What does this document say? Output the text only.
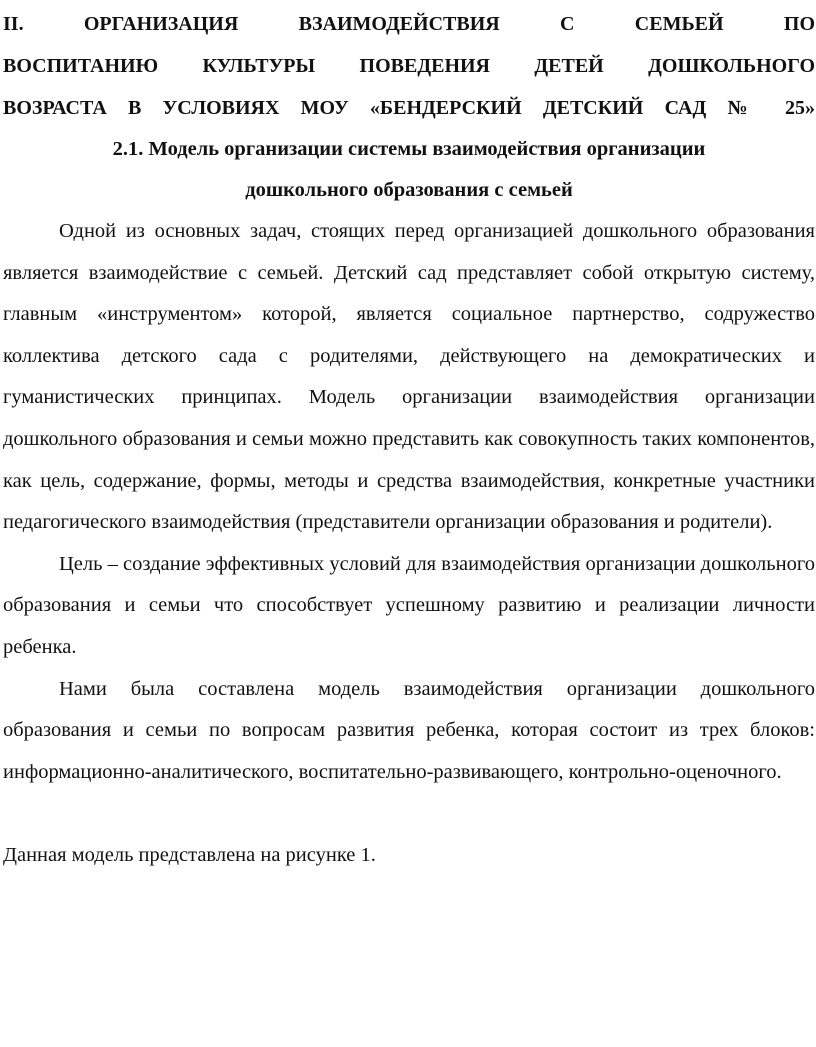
II. ОРГАНИЗАЦИЯ ВЗАИМОДЕЙСТВИЯ С СЕМЬЕЙ ПО
ВОСПИТАНИЮ КУЛЬТУРЫ ПОВЕДЕНИЯ ДЕТЕЙ ДОШКОЛЬНОГО
ВОЗРАСТА В УСЛОВИЯХ МОУ «БЕНДЕРСКИЙ ДЕТСКИЙ САД № 25»
2.1. Модель организации системы взаимодействия организации
дошкольного образования с семьей

Одной из основных задач, стоящих перед организацией дошкольного образования является взаимодействие с семьей. Детский сад представляет собой открытую систему, главным «инструментом» которой, является социальное партнерство, содружество коллектива детского сада с родителями, действующего на демократических и гуманистических принципах. Модель организации взаимодействия организации дошкольного образования и семьи можно представить как совокупность таких компонентов, как цель, содержание, формы, методы и средства взаимодействия, конкретные участники педагогического взаимодействия (представители организации образования и родители).

Цель – создание эффективных условий для взаимодействия организации дошкольного образования и семьи что способствует успешному развитию и реализации личности ребенка.

Нами была составлена модель взаимодействия организации дошкольного образования и семьи по вопросам развития ребенка, которая состоит из трех блоков: информационно-аналитического, воспитательно-развивающего, контрольно-оценочного.

Данная модель представлена на рисунке 1.
